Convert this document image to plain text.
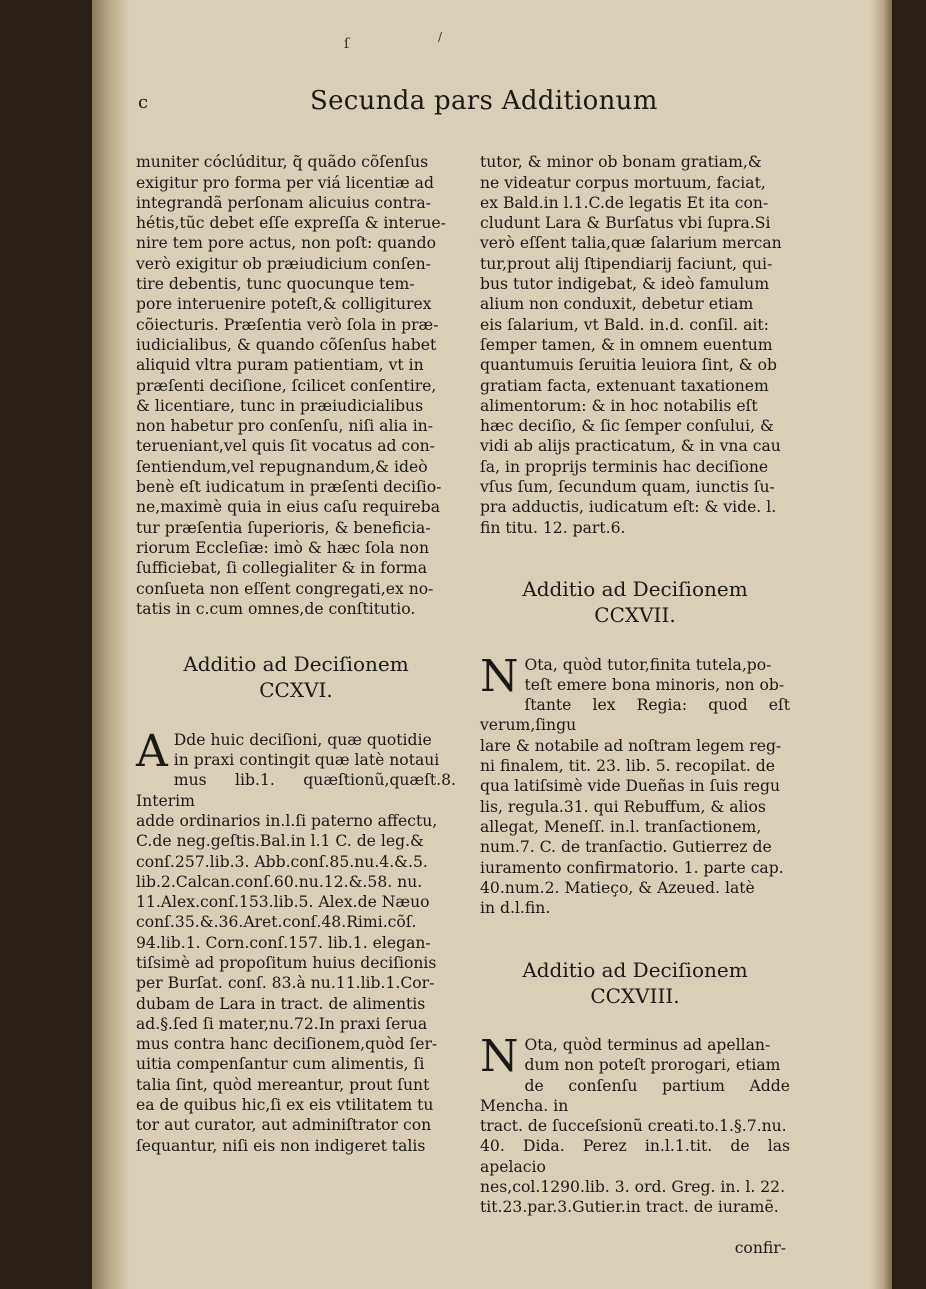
ſ	/
c	Secunda pars Additionum

muniter cóclúditur, q̃ quãdo cõſenſus
exigitur pro forma per viá licentiæ ad
integrandã perſonam alicuius contra-
hétis,tũc debet eſſe expreſſa & interue-
nire tem pore actus, non poſt: quando
verò exigitur ob præiudicium conſen-
tire debentis, tunc quocunque tem-
pore interuenire poteſt,& colligiturex
cõiecturis. Præſentia verò ſola in præ-
iudicialibus, & quando cõſenſus habet
aliquid vltra puram patientiam, vt in
præſenti deciſione, ſcilicet conſentire,
& licentiare, tunc in præiudicialibus
non habetur pro conſenſu, niſi alia in-
terueniant,vel quis ſit vocatus ad con-
ſentiendum,vel repugnandum,& ideò
benè eſt iudicatum in præſenti deciſio-
ne,maximè quia in eius caſu requireba
tur præſentia ſuperioris, & beneficia-
riorum Eccleſiæ: imò & hæc ſola non
ſufficiebat, ſi collegialiter & in forma
conſueta non eſſent congregati,ex no-
tatis in c.cum omnes,de conſtitutio.

Additio ad Deciſionem
CCXVI.

A Dde huic deciſioni, quæ quotidie
in praxi contingit quæ latè notaui
mus lib.1. quæſtionũ,quæſt.8. Interim
adde ordinarios in.l.ſi paterno affectu,
C.de neg.geſtis.Bal.in l.1 C. de leg.&
conſ.257.lib.3. Abb.conſ.85.nu.4.&.5.
lib.2.Calcan.conſ.60.nu.12.&.58. nu.
11.Alex.conſ.153.lib.5. Alex.de Næuo
conſ.35.&.36.Aret.conſ.48.Rimi.cõſ.
94.lib.1. Corn.conſ.157. lib.1. elegan-
tiſsimè ad propoſitum huius deciſionis
per Burſat. conſ. 83.à nu.11.lib.1.Cor-
dubam de Lara in tract. de alimentis
ad.§.ſed ſi mater,nu.72.In praxi ſerua
mus contra hanc deciſionem,quòd ſer-
uitia compenſantur cum alimentis, ſi
talia ſint, quòd mereantur, prout ſunt
ea de quibus hic,ſi ex eis vtilitatem tu
tor aut curator, aut adminiſtrator con
ſequantur, niſi eis non indigeret talis

tutor, & minor ob bonam gratiam,&
ne videatur corpus mortuum, faciat,
ex Bald.in l.1.C.de legatis Et ita con-
cludunt Lara & Burſatus vbi ſupra.Si
verò eſſent talia,quæ ſalarium mercan
tur,prout alij ſtipendiarij faciunt, qui-
bus tutor indigebat, & ideò famulum
alium non conduxit, debetur etiam
eis ſalarium, vt Bald. in.d. conſil. ait:
ſemper tamen, & in omnem euentum
quantumuis ſeruitia leuiora ſint, & ob
gratiam facta, extenuant taxationem
alimentorum: & in hoc notabilis eſt
hæc deciſio, & ſic ſemper conſului, &
vidi ab alijs practicatum, & in vna cau
ſa, in proprijs terminis hac deciſione
vſus ſum, ſecundum quam, iunctis ſu-
pra adductis, iudicatum eſt: & vide. l.
fin titu. 12. part.6.

Additio ad Deciſionem
CCXVII.

N Ota, quòd tutor,finita tutela,po-
teſt emere bona minoris, non ob-
ſtante lex Regia: quod eſt verum,ſingu
lare & notabile ad noſtram legem reg-
ni finalem, tit. 23. lib. 5. recopilat. de
qua latiſsimè vide Dueñas in ſuis regu
lis, regula.31. qui Rebuffum, & alios
allegat, Meneſſ. in.l. tranſactionem,
num.7. C. de tranſactio. Gutierrez de
iuramento confirmatorio. 1. parte cap.
40.num.2. Matieço, & Azeued. latè
in d.l.fin.

Additio ad Deciſionem
CCXVIII.

N Ota, quòd terminus ad apellan-
dum non poteſt prorogari, etiam
de conſenſu partium Adde Mencha. in
tract. de ſucceſsionũ creati.to.1.§.7.nu.
40. Dida. Perez in.l.1.tit. de las apelacio
nes,col.1290.lib. 3. ord. Greg. in. l. 22.
tit.23.par.3.Gutier.in tract. de iuramẽ.

confir-
